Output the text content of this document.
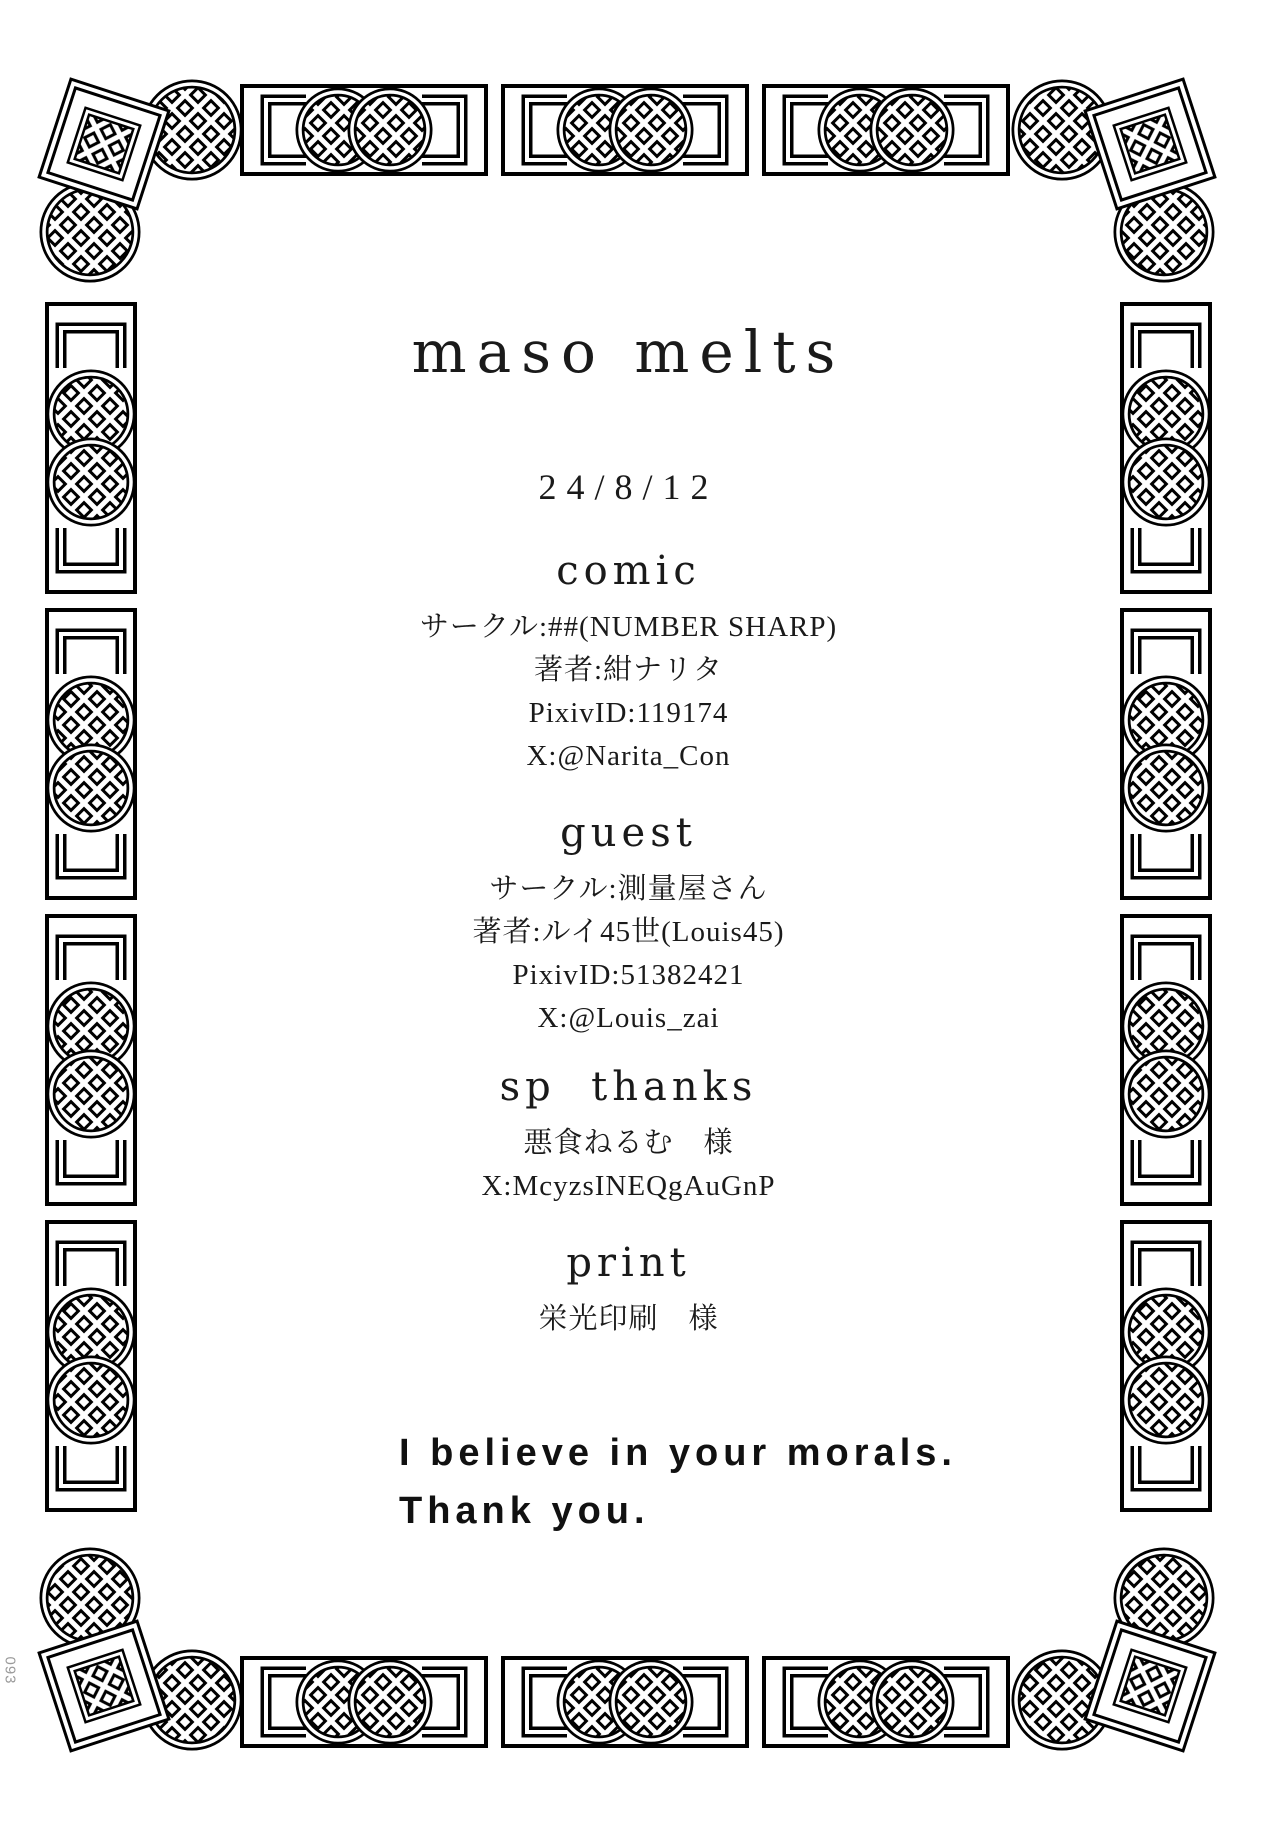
093
maso melts
24/8/12
comic

サークル:##(NUMBER SHARP)

著者:紺ナリタ

PixivID:119174

X:@Narita_Con

guest

サークル:測量屋さん

著者:ルイ45世(Louis45)

PixivID:51382421

X:@Louis_zai

sp  thanks

悪食ねるむ　様

X:McyzsINEQgAuGnP

print

栄光印刷　様

I believe in your morals.
Thank you.
